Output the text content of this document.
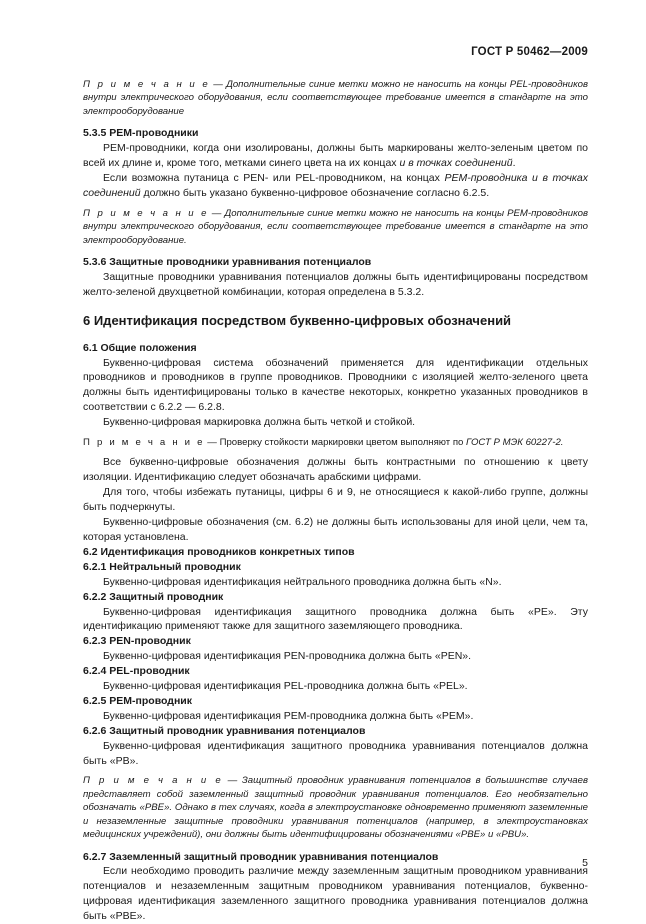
ГОСТ Р 50462—2009

П р и м е ч а н и е — Дополнительные синие метки можно не наносить на концы PEL-проводников внутри электрического оборудования, если соответствующее требование имеется в стандарте на это электрооборудование

5.3.5 PEM-проводники

PEM-проводники, когда они изолированы, должны быть маркированы желто-зеленым цветом по всей их длине и, кроме того, метками синего цвета на их концах и в точках соединений.

Если возможна путаница с PEN- или PEL-проводником, на концах PEM-проводника и в точках соединений должно быть указано буквенно-цифровое обозначение согласно 6.2.5.

П р и м е ч а н и е — Дополнительные синие метки можно не наносить на концы PEM-проводников внутри электрического оборудования, если соответствующее требование имеется в стандарте на это электрооборудование.

5.3.6 Защитные проводники уравнивания потенциалов

Защитные проводники уравнивания потенциалов должны быть идентифицированы посредством желто-зеленой двухцветной комбинации, которая определена в 5.3.2.

6 Идентификация посредством буквенно-цифровых обозначений

6.1 Общие положения

Буквенно-цифровая система обозначений применяется для идентификации отдельных проводников и проводников в группе проводников. Проводники с изоляцией желто-зеленого цвета должны быть идентифицированы только в качестве некоторых, конкретно указанных проводников в соответствии с 6.2.2 — 6.2.8.

Буквенно-цифровая маркировка должна быть четкой и стойкой.

П р и м е ч а н и е — Проверку стойкости маркировки цветом выполняют по ГОСТ Р МЭК 60227-2.

Все буквенно-цифровые обозначения должны быть контрастными по отношению к цвету изоляции. Идентификацию следует обозначать арабскими цифрами.

Для того, чтобы избежать путаницы, цифры 6 и 9, не относящиеся к какой-либо группе, должны быть подчеркнуты.

Буквенно-цифровые обозначения (см. 6.2) не должны быть использованы для иной цели, чем та, которая установлена.

6.2 Идентификация проводников конкретных типов

6.2.1 Нейтральный проводник

Буквенно-цифровая идентификация нейтрального проводника должна быть «N».

6.2.2 Защитный проводник

Буквенно-цифровая идентификация защитного проводника должна быть «PE». Эту идентификацию применяют также для защитного заземляющего проводника.

6.2.3 PEN-проводник

Буквенно-цифровая идентификация PEN-проводника должна быть «PEN».

6.2.4 PEL-проводник

Буквенно-цифровая идентификация PEL-проводника должна быть «PEL».

6.2.5 PEM-проводник

Буквенно-цифровая идентификация PEM-проводника должна быть «PEM».

6.2.6 Защитный проводник уравнивания потенциалов

Буквенно-цифровая идентификация защитного проводника уравнивания потенциалов должна быть «PB».

П р и м е ч а н и е — Защитный проводник уравнивания потенциалов в большинстве случаев представляет собой заземленный защитный проводник уравнивания потенциалов. Его необязательно обозначать «PBE». Однако в тех случаях, когда в электроустановке одновременно применяют заземленные и незаземленные защитные проводники уравнивания потенциалов (например, в электроустановках медицинских учреждений), они должны быть идентифицированы обозначениями «PBE» и «PBU».

6.2.7 Заземленный защитный проводник уравнивания потенциалов

Если необходимо проводить различие между заземленным защитным проводником уравнивания потенциалов и незаземленным защитным проводником уравнивания потенциалов, буквенно-цифровая идентификация заземленного защитного проводника уравнивания потенциалов должна быть «PBE».

5
